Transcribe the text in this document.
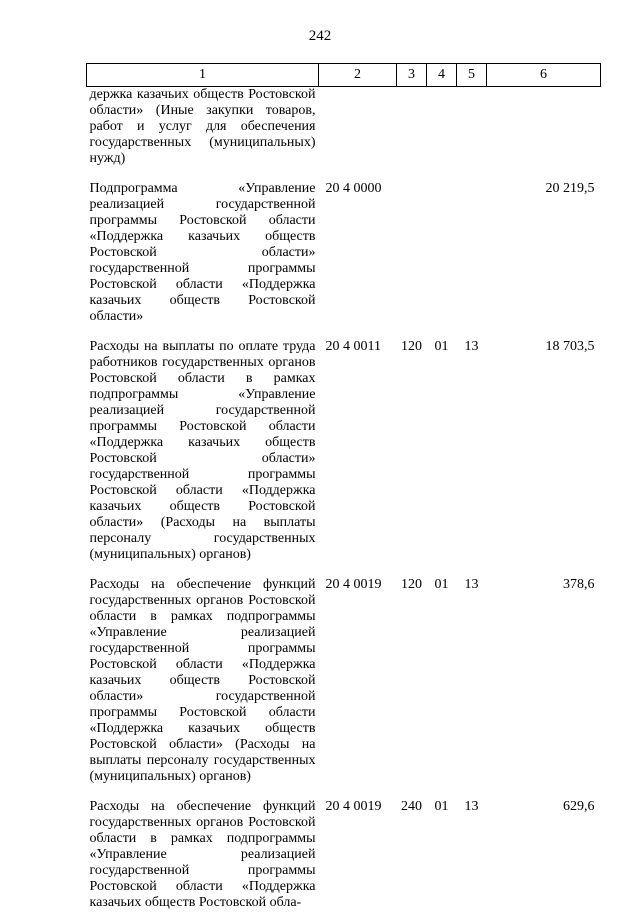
242
1	2	3	4	5	6
держка казачьих обществ Ростовской области» (Иные закупки товаров, работ и услуг для обеспечения государственных (муниципальных) нужд)					
Подпрограмма «Управление реализацией государственной программы Ростовской области «Поддержка казачьих обществ Ростовской области» государственной программы Ростовской области «Поддержка казачьих обществ Ростовской области»	20 4 0000				20 219,5
Расходы на выплаты по оплате труда работников государственных органов Ростовской области в рамках подпрограммы «Управление реализацией государственной программы Ростовской области «Поддержка казачьих обществ Ростовской области» государственной программы Ростовской области «Поддержка казачьих обществ Ростовской области» (Расходы на выплаты персоналу государственных (муниципальных) органов)	20 4 0011	120	01	13	18 703,5
Расходы на обеспечение функций государственных органов Ростовской области в рамках подпрограммы «Управление реализацией государственной программы Ростовской области «Поддержка казачьих обществ Ростовской области» государственной программы Ростовской области «Поддержка казачьих обществ Ростовской области» (Расходы на выплаты персоналу государственных (муниципальных) органов)	20 4 0019	120	01	13	378,6
Расходы на обеспечение функций государственных органов Ростовской области в рамках подпрограммы «Управление реализацией государственной программы Ростовской области «Поддержка казачьих обществ Ростовской обла-	20 4 0019	240	01	13	629,6
